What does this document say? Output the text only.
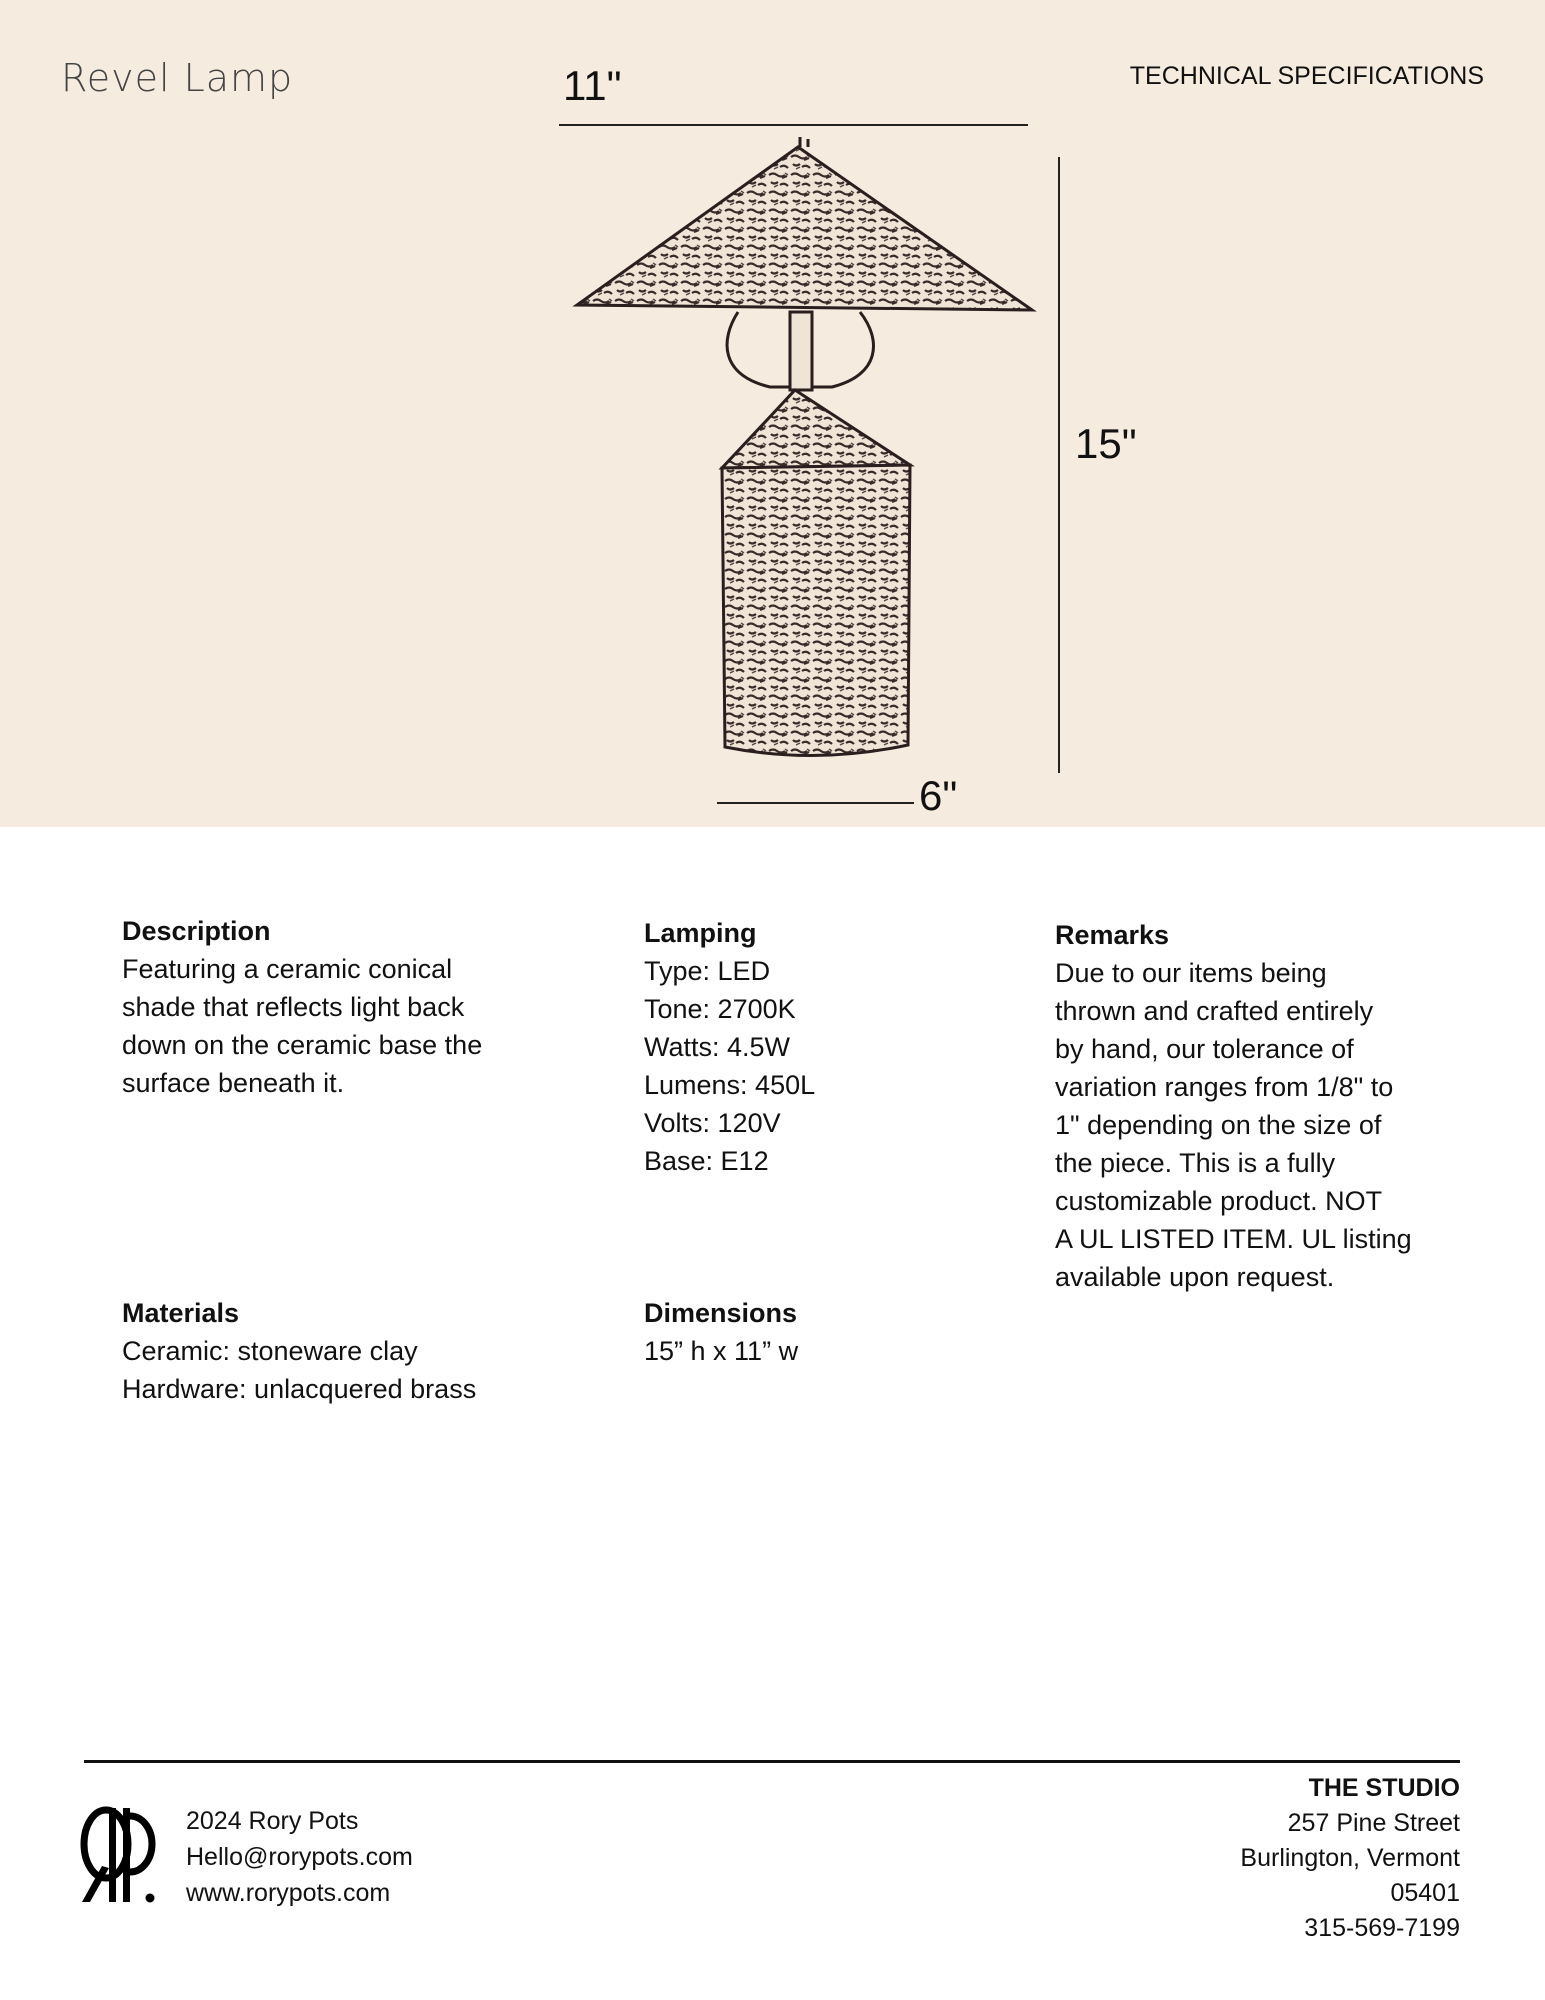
Revel Lamp	TECHNICAL SPECIFICATIONS
11"
15"
6"
Description
Featuring a ceramic conical
shade that reflects light back
down on the ceramic base the
surface beneath it.
Lamping
Type: LED
Tone: 2700K
Watts: 4.5W
Lumens: 450L
Volts: 120V
Base: E12
Remarks
Due to our items being
thrown and crafted entirely
by hand, our tolerance of
variation ranges from 1/8" to
1" depending on the size of
the piece. This is a fully
customizable product. NOT
A UL LISTED ITEM. UL listing
available upon request.
Materials
Ceramic: stoneware clay
Hardware: unlacquered brass
Dimensions
15” h x 11” w
2024 Rory Pots
Hello@rorypots.com
www.rorypots.com
THE STUDIO
257 Pine Street
Burlington, Vermont
05401
315-569-7199
